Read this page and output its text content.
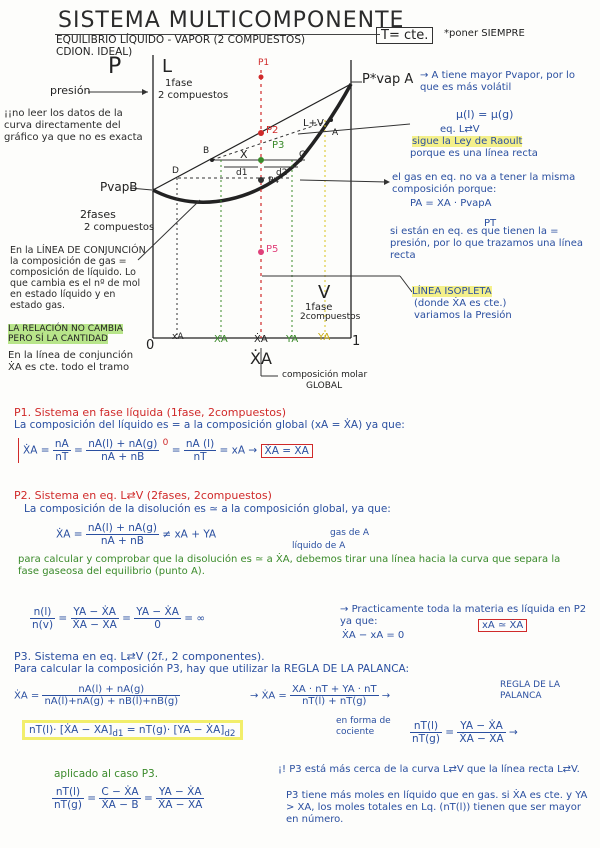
SISTEMA MULTICOMPONENTE
EQUILIBRIO LÍQUIDO - VAPOR (2 COMPUESTOS)
CDION. IDEAL)
T= cte.	*poner SIEMPRE
P L
1fase
2 compuestos
L+V
V
1fase
2compuestos
2fases
2 compuestos
P1
P2
P3
P4
P5
A
B	C
D
X
d1	d2
P*vap A
PvapB
presión
0	1
xA	XA	ẊA YA YA
ẊA
composición molar
GLOBAL
¡¡no leer los datos de la curva directamente del gráfico ya que no es exacta
En la LÍNEA DE CONJUNCIÓN la composición de gas = composición de líquido. Lo que cambia es el nº de mol en estado líquido y en estado gas.
LA RELACIÓN NO CAMBIA PERO SÍ LA CANTIDAD
En la línea de conjunción ẊA es cte. todo el tramo
→ A tiene mayor Pvapor, por lo que es más volátil
μ(l) = μ(g)
eq. L⇄V
sigue la Ley de Raoult
porque es una línea recta
el gas en eq. no va a tener la misma composición porque:
PA = XA · PvapA
PT
si están en eq. es que tienen la = presión, por lo que trazamos una línea recta
LÍNEA ISOPLETA
(donde ẊA es cte.)
variamos la Presión
P1. Sistema en fase líquida (1fase, 2compuestos)
La composición del líquido es = a la composición global (xA = ẊA) ya que:
ẊA = $\frac{nA}{nT} = \frac{nA(l) + nA(g)}{nA + nB} 0 = \frac{nA (l)}{nT}$ = xA → ẊA = XA
P2. Sistema en eq. L⇄V (2fases, 2compuestos)
La composición de la disolución es ≃ a la composición global, ya que:
ẊA = $\frac{nA(l) + nA(g)}{nA + nB}$ ≠ xA + YA	gas de A
líquido de A
para calcular y comprobar que la disolución es ≃ a ẊA, debemos tirar una línea hacia la curva que separa la fase gaseosa del equilibrio (punto A).
$\frac{n(l)}{n(v)} = \frac{\text{YA − ẊA}}{\text{ẊA − XA}} = \frac{\text{YA − ẊA}}{0}$ = ∞
→ Practicamente toda la materia es líquida en P2 ya que:
ẊA − xA = 0
xA ≃ ẊA
P3. Sistema en eq. L⇄V (2f., 2 componentes).
Para calcular la composición P3, hay que utilizar la REGLA DE LA PALANCA:
ẊA = $\frac{nA(l) + nA(g)}{nA(l)+nA(g) + nB(l)+nB(g)}$	→ ẊA = $\frac{XA \cdot nT + YA \cdot nT}{nT(l) + nT(g)}$ →
REGLA DE LA PALANCA
nT(l)· [ẊA − $XA]_{d1} = nT(g)\cdot [YA$ − $ẊA]_{d2}$
en forma de cociente	$\frac{nT(l)}{nT(g)} = \frac{\text{YA − ẊA}}{\text{ẊA − XA}}$ →
aplicado al caso P3.
$\frac{nT(l)}{nT(g)} = \frac{\text{C − ẊA}}{\text{ẊA − B}} = \frac{\text{YA − ẊA}}{\text{ẊA − XA}}$
¡! P3 está más cerca de la curva L⇄V que la línea recta L⇄V.
P3 tiene más moles en líquido que en gas. si ẊA es cte. y YA > XA, los moles totales en Lq. (nT(l)) tienen que ser mayor en número.
